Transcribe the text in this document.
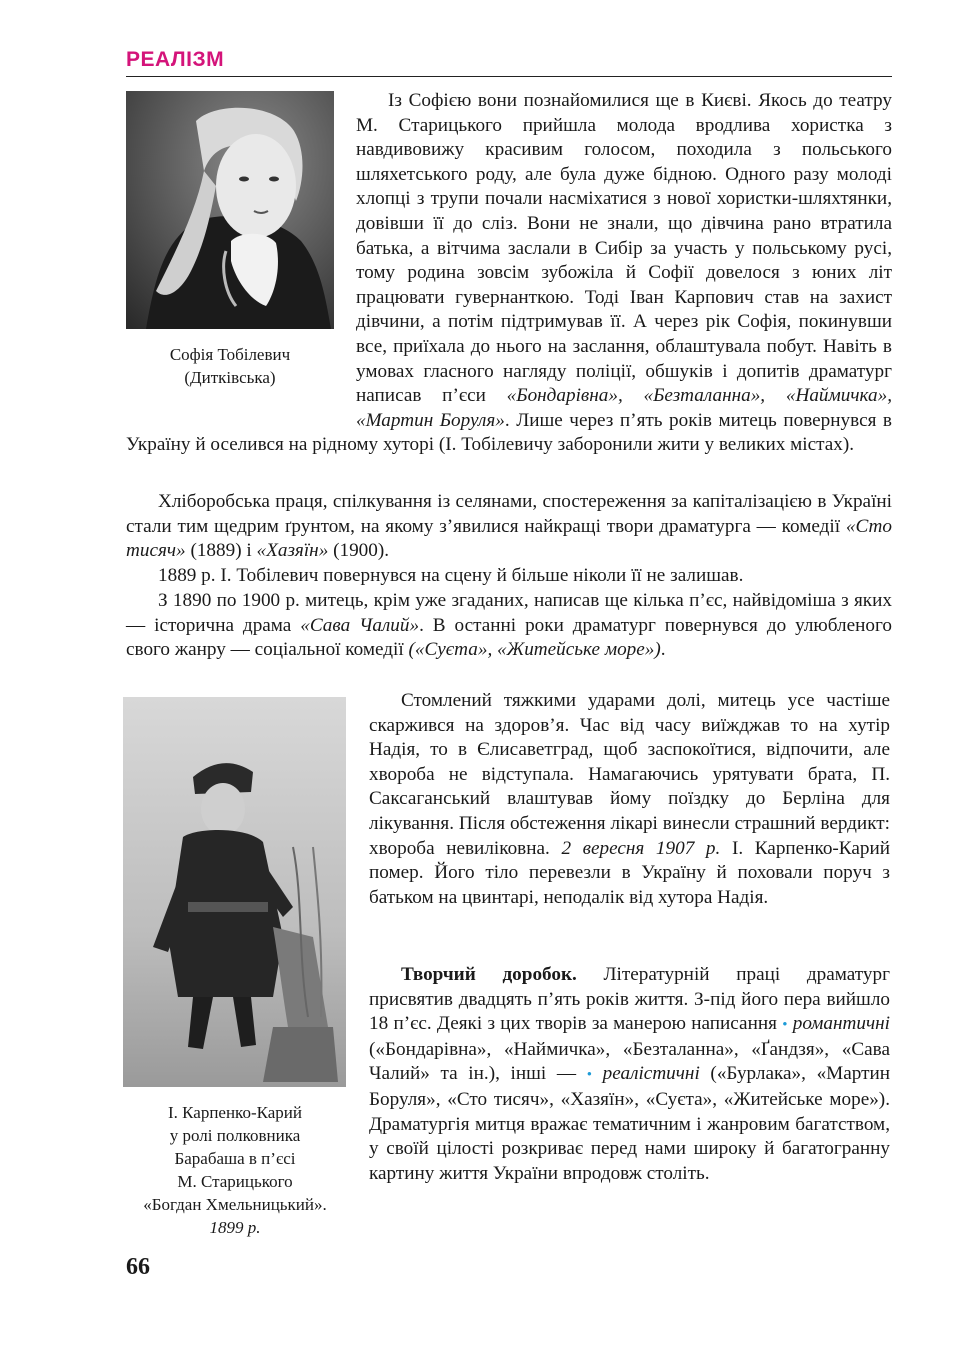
РЕАЛІЗМ
Софія Тобілевич
(Дитківська)

Із Софією вони познайомилися ще в Києві. Якось до театру М. Старицького прийшла молода вродлива хористка з навдивовижу красивим голосом, походила з польського шляхетського роду, але була дуже бідною. Одного разу молоді хлопці з трупи почали насміхатися з нової хористки-шляхтянки, довівши її до сліз. Вони не знали, що дівчина рано втратила батька, а вітчима заслали в Сибір за участь у польському русі, тому родина зовсім зубожіла й Софії довелося з юних літ працювати гувернанткою. Тоді Іван Карпович став на захист дівчини, а потім підтримував її. А через рік Софія, покинувши все, приїхала до нього на заслання, облаштувала побут. Навіть в умовах гласного нагляду поліції, обшуків і допитів драматург написав п’єси «Бондарівна», «Безталанна», «Наймичка», «Мартин Боруля». Лише через п’ять років митець повернувся в Україну й оселився на рідному хуторі (І. Тобілевичу заборонили жити у великих містах).

Хліборобська праця, спілкування із селянами, спостереження за капіталізацією в Україні стали тим щедрим ґрунтом, на якому з’явилися найкращі твори драматурга — комедії «Сто тисяч» (1889) і «Хазяїн» (1900).

1889 р. І. Тобілевич повернувся на сцену й більше ніколи її не залишав.

З 1890 по 1900 р. митець, крім уже згаданих, написав ще кілька п’єс, найвідоміша з яких — історична драма «Сава Чалий». В останні роки драматург повернувся до улюбленого свого жанру — соціальної комедії («Суєта», «Житейське море»).

І. Карпенко-Карий
у ролі полковника
Барабаша в п’єсі
М. Старицького
«Богдан Хмельницький».
1899 р.

Стомлений тяжкими ударами долі, митець усе частіше скаржився на здоров’я. Час від часу виїжджав то на хутір Надія, то в Єлисаветград, щоб заспокоїтися, відпочити, але хвороба не відступала. Намагаючись урятувати брата, П. Саксаганський влаштував йому поїздку до Берліна для лікування. Після обстеження лікарі винесли страшний вердикт: хвороба невиліковна. 2 вересня 1907 р. І. Карпенко-Карий помер. Його тіло перевезли в Україну й поховали поруч з батьком на цвинтарі, неподалік від хутора Надія.

Творчий доробок. Літературній праці драматург присвятив двадцять п’ять років життя. З-під його пера вийшло 18 п’єс. Деякі з цих творів за манерою написання • романтичні («Бондарівна», «Наймичка», «Безталанна», «Ґандзя», «Сава Чалий» та ін.), інші — • реалістичні («Бурлака», «Мартин Боруля», «Сто тисяч», «Хазяїн», «Суєта», «Житейське море»). Драматургія митця вражає тематичним і жанровим багатством, у своїй цілості розкриває перед нами широку й багатогранну картину життя України впродовж століть.

66
